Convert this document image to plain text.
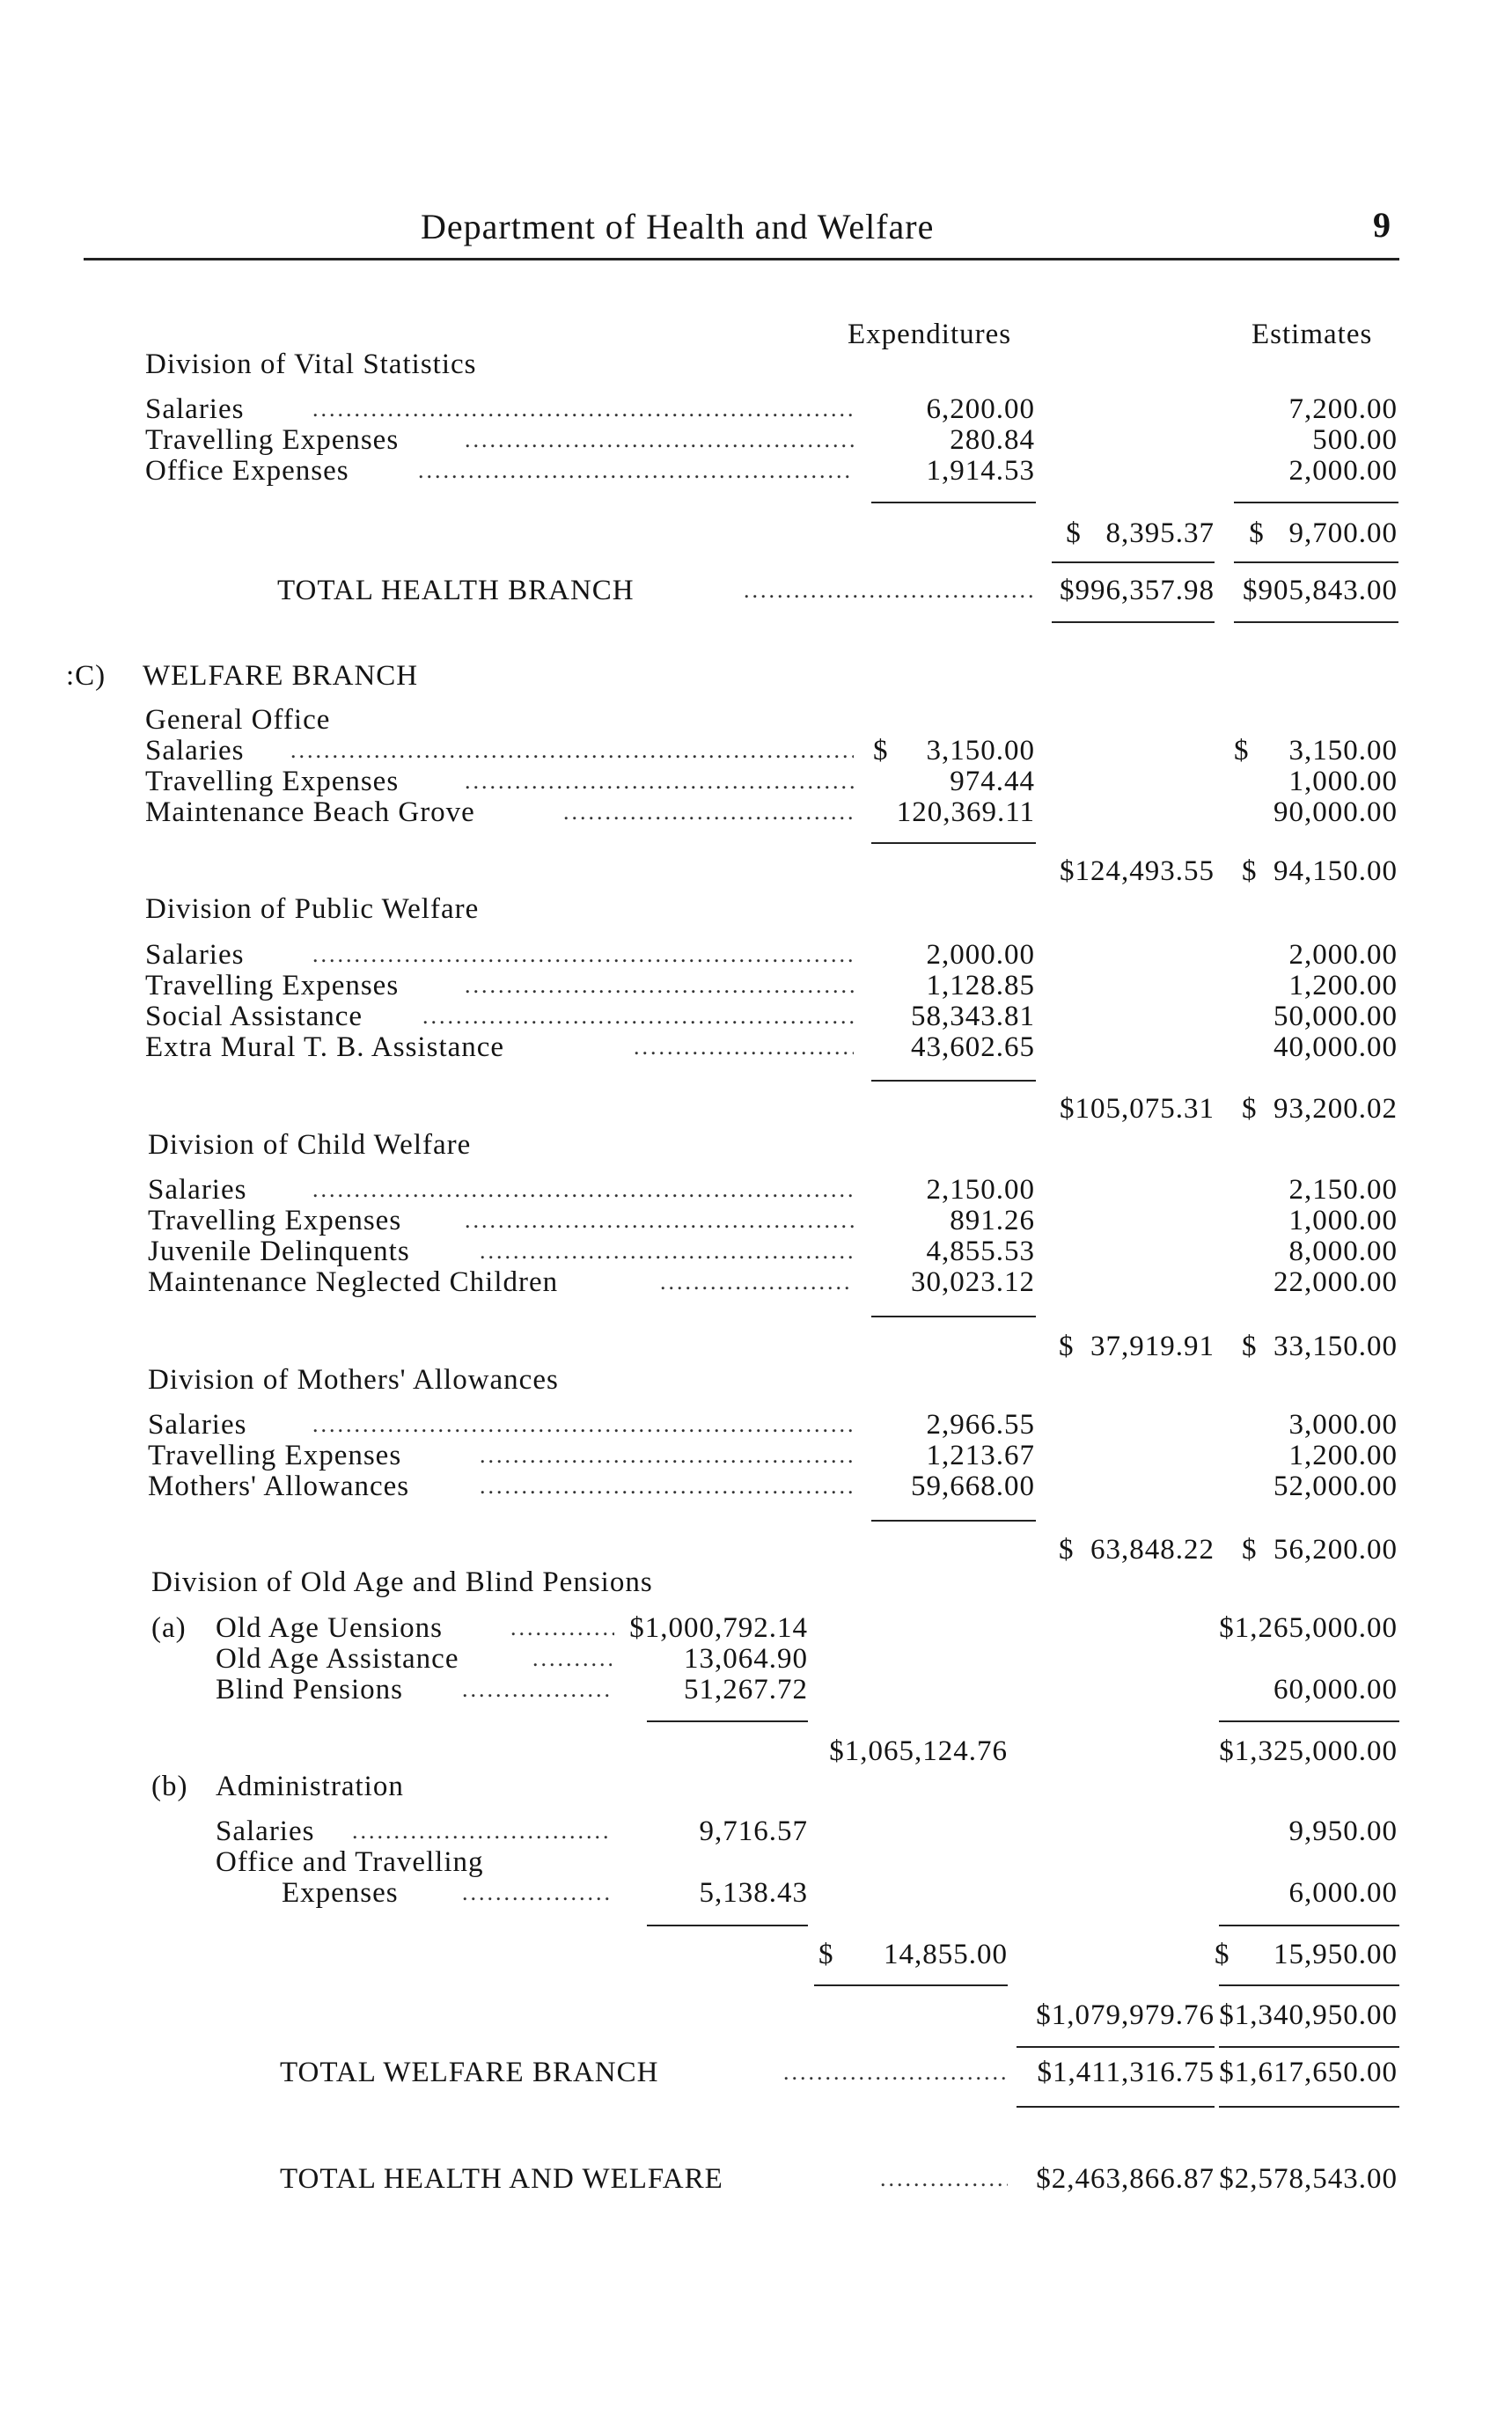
Department of Health and Welfare	9
Expenditures	Estimates
Division of Vital Statistics
Salaries .....	6,200.00	7,200.00
Travelling Expenses .....	280.84	500.00
Office Expenses .....	1,914.53	2,000.00
$   8,395.37	$   9,700.00
TOTAL HEALTH BRANCH .....	$996,357.98 $905,843.00
:C) WELFARE BRANCH
General Office
Salaries .....	$	3,150.00	$	3,150.00
Travelling Expenses .....	974.44	1,000.00
Maintenance Beach Grove .....	120,369.11	90,000.00
$124,493.55 $  94,150.00
Division of Public Welfare
Salaries .....	2,000.00	2,000.00
Travelling Expenses .....	1,128.85	1,200.00
Social Assistance .....	58,343.81	50,000.00
Extra Mural T. B. Assistance .....	43,602.65	40,000.00
$105,075.31 $  93,200.02
Division of Child Welfare
Salaries .....	2,150.00	2,150.00
Travelling Expenses .....	891.26	1,000.00
Juvenile Delinquents .....	4,855.53	8,000.00
Maintenance Neglected Children .....	30,023.12	22,000.00
$  37,919.91 $  33,150.00
Division of Mothers' Allowances
Salaries .....	2,966.55	3,000.00
Travelling Expenses .....	1,213.67	1,200.00
Mothers' Allowances .....	59,668.00	52,000.00
$  63,848.22 $  56,200.00
Division of Old Age and Blind Pensions
(a) Old Age Uensions .....	$1,000,792.14	$1,265,000.00
Old Age Assistance .....	13,064.90
Blind Pensions .....	51,267.72	60,000.00
$1,065,124.76	$1,325,000.00
(b) Administration
Salaries .....	9,716.57	9,950.00
Office and Travelling
Expenses .....	5,138.43	6,000.00
$	14,855.00	$	15,950.00
$1,079,979.76 $1,340,950.00
TOTAL WELFARE BRANCH .....	$1,411,316.75 $1,617,650.00
TOTAL HEALTH AND WELFARE .....	$2,463,866.87 $2,578,543.00
